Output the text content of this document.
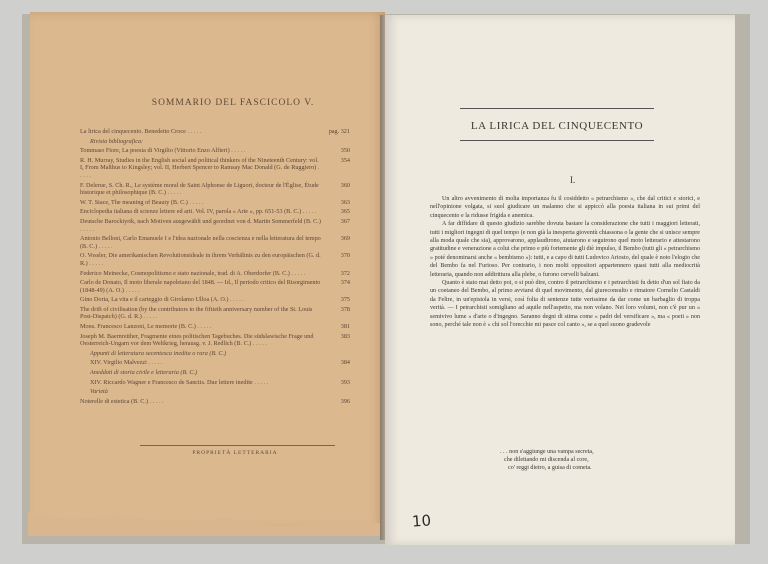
SOMMARIO DEL FASCICOLO V.
La lirica del cinquecento. Benedetto Croce . . . . .	pag. 321
Rivista bibliografica:
Tommaso Fiore, La poesia di Virgilio (Vittorio Enzo Alfieri) . . . . .	350
R. H. Murray, Studies in the English social and political thinkers of the Nineteenth Century: vol. I, From Malthus to Kingsley; vol. II, Herbert Spencer to Ramsay Mac Donald (G. de Ruggiero) . . . . .
354
F. Delerue, S. Ch. R., Le système moral de Saint Alphonse de Liguori, docteur de l'Église, Étude historique et philosophique (B. C.) . . . . .
360
W. T. Stace, The meaning of Beauty (B. C.) . . . . .	363
Enciclopedia italiana di scienze lettere ed arti. Vol. IV, parola « Arte », pp. 651-53 (B. C.) . . . . .	365
Deutsche Barockiyrik, nach Motiven ausgewählt und geordnet von d. Martin Sommerfeld (B. C.) . . . . .
367
Antonio Belloni, Carlo Emanuele I e l'idea nazionale nella coscienza e nella letteratura del tempo (B. C.) . . . . .
369
O. Vossler, Die amerikanischen Revolutionsideale in ihrem Verhältnis zu den europäischen (G. d. R.) . . . . .
370
Federico Meinecke, Cosmopolitismo e stato nazionale, trad. di A. Oberdorfer (B. C.) . . . . .	372
Carlo de Donato, Il moto liberale napoletano del 1848. — Id., Il periodo critico del Risorgimento (1848-49) (A. O.) . . . . .
374
Gino Doria, La vita e il carteggio di Girolamo Ulloa (A. O.) . . . . .	375
The drift of civilisation (by the contributors to the fiftieth anniversary number of the St. Louis Post-Dispatch) (G. d. R.) . . . . .
378
Mons. Francesco Lanzoni, Le memorie (B. C.) . . . . .	381
Joseph M. Baernreither, Fragmente eines politischen Tagebuches. Die südslawische Frage und Oesterreich-Ungarn vor dem Weltkrieg, herausg. v. J. Redlich (B. C.) . . . . .
383
Appunti di letteratura secentesca inedita o rara (B. C.)
XIV. Virgilio Malvezzi . . . . .	384
Aneddoti di storia civile e letteraria (B. C.)
XIV. Riccardo Wagner e Francesco de Sanctis. Due lettere inedite . . . . .	393
Varietà
Noterelle di estetica (B. C.) . . . . .	396
PROPRIETÀ LETTERARIA
LA LIRICA DEL CINQUECENTO
I.

Un altro avvenimento di molta importanza fu il cosiddetto « petrarchismo », che dal critici e storici, e nell'opinione volgata, si suol giudicare un malanno che si appiccò alla poesia italiana in sui primi del cinquecento e la ridusse frigida e anemica.

A far diffidare di questo giudizio sarebbe dovuta bastare la considerazione che tutti i maggiori letterati, tutti i migliori ingegni di quel tempo (e non già la inesperta gioventù chiassona o la gente che si unisce sempre alla moda quale che sia), approvarono, applaudirono, aiutarono e seguirono quel moto letterario e attestarono gratitudine e venerazione a colui che primo e più fortemente gli diè impulso, il Bembo (tutti gli « petrarchismo » poté denominarsi anche « bembismo »): tutti, e a capo di tutti Ludovico Ariosto, del quale è noto l'elogio che del Bembo fa nel Furioso. Per contrario, i non molti oppositori appartennero quasi tutti alla mediocrità letteraria, quando non addirittura alla plebe, o furono cervelli balzani.

Quanto è stato mai detto poi, o si può dire, contro il petrarchismo e i petrarchisti fu detto d'un sol fiato da un coetaneo del Bembo, al primo avviarsi di quel movimento, dal giureconsulto e rimatore Cornelio Castaldi da Feltre, in un'epistola in versi, così folta di sentenze tutte verissime da dar come un barbaglio di troppa verità. — I petrarchisti somigliano ad aquile nell'aspetto, ma non volano. Nei loro volumi, non c'è pur un « semivivo lume » d'arte o d'ingegno. Saranno degni di stima come « padri del versificare », ma « poeti » non sono, perché tale non è « chi sol l'orecchie mi pasce col canto », se a quel suono gradevole

. . . non s'aggiunge una vampa secreta,
che dilettando mi discenda al core,
co' reggi dietro, a guisa di cometa.
10
